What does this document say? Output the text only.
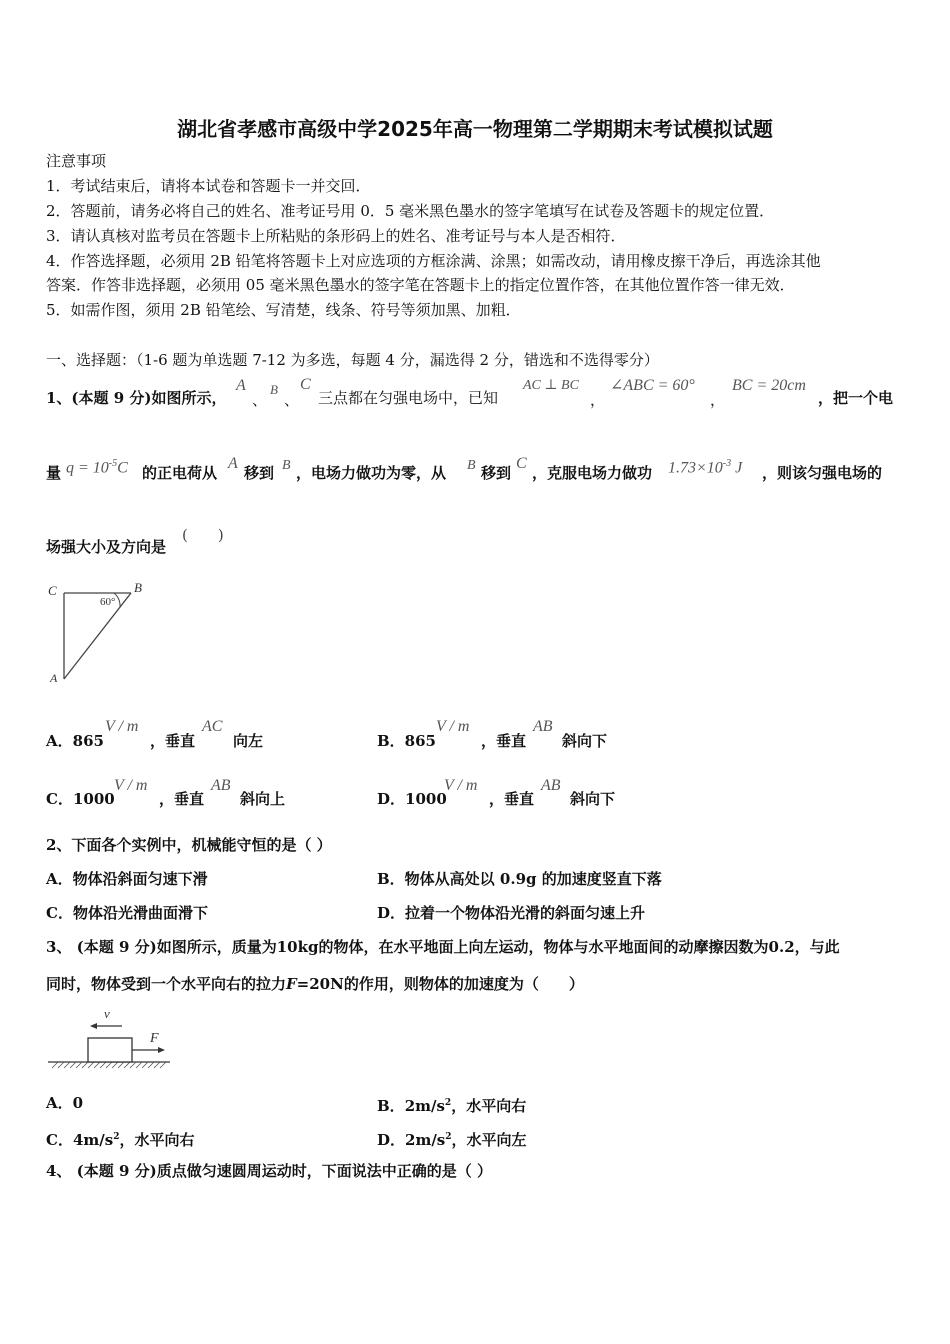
湖北省孝感市高级中学2025年高一物理第二学期期末考试模拟试题
注意事项
1．考试结束后，请将本试卷和答题卡一并交回．
2．答题前，请务必将自己的姓名、准考证号用 0．5 毫米黑色墨水的签字笔填写在试卷及答题卡的规定位置．
3．请认真核对监考员在答题卡上所粘贴的条形码上的姓名、准考证号与本人是否相符．
4．作答选择题，必须用 2B 铅笔将答题卡上对应选项的方框涂满、涂黑；如需改动，请用橡皮擦干净后，再选涂其他
答案．作答非选择题，必须用 05 毫米黑色墨水的签字笔在答题卡上的指定位置作答，在其他位置作答一律无效．
5．如需作图，须用 2B 铅笔绘、写清楚，线条、符号等须加黑、加粗．
一、选择题：（1-6 题为单选题 7-12 为多选，每题 4 分，漏选得 2 分，错选和不选得零分）
1、(本题 9 分)如图所示，
A
、
B
、
C
三点都在匀强电场中，已知
AC ⊥ BC
，
∠ABC = 60°
，
BC = 20cm
，把一个电
量 $q = 10^{-5}C$ 的正电荷从
A
移到 B ，电场力做功为零，从 B 移到
C
，克服电场力做功 $1.73\times 10^{-3}$ J ，则该匀强电场的
场强大小及方向是
(　　)
C	B
A
60°
A．865
V / m
，垂直
AC
向左	B．865
V / m
，垂直
AB
斜向下
C．1000
V / m
，垂直
AB
斜向上	D．1000
V / m
，垂直
AB
斜向下
2、下面各个实例中，机械能守恒的是（ ）
A．物体沿斜面匀速下滑	B．物体从高处以 0.9g 的加速度竖直下落
C．物体沿光滑曲面滑下	D．拉着一个物体沿光滑的斜面匀速上升
3、 (本题 9 分)如图所示，质量为10kg的物体，在水平地面上向左运动，物体与水平地面间的动摩擦因数为0.2，与此
同时，物体受到一个水平向右的拉力F=20N的作用，则物体的加速度为（　　）
v
F
A．0	B．$2m/s^2$，水平向右
C．$4m/s^2$，水平向右	D．$2m/s^2$，水平向左
4、 (本题 9 分)质点做匀速圆周运动时，下面说法中正确的是（ ）
